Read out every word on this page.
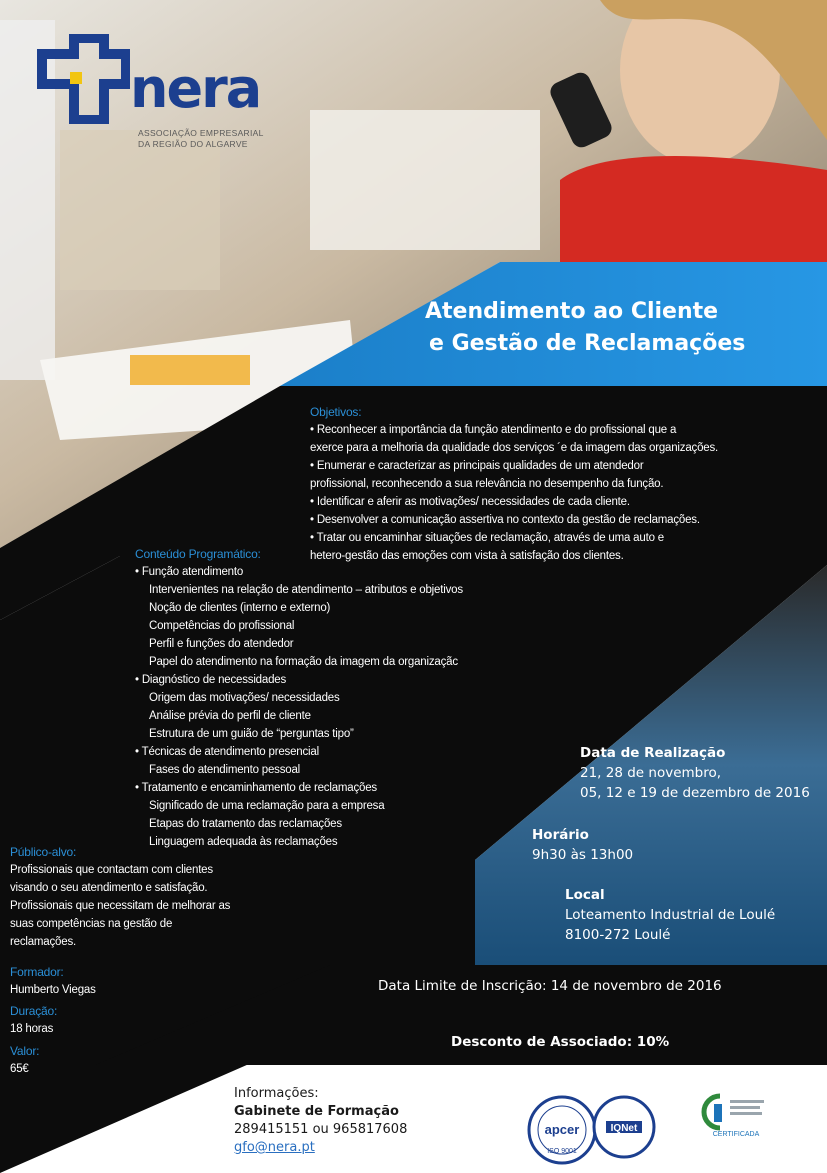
nera
ASSOCIAÇÃO EMPRESARIAL
DA REGIÃO DO ALGARVE
Atendimento ao Cliente
e Gestão de Reclamações
Objetivos:
• Reconhecer a importância da função atendimento e do profissional que a
exerce para a melhoria da qualidade dos serviços ´e da imagem das organizações.
• Enumerar e caracterizar as principais qualidades de um atendedor
profissional, reconhecendo a sua relevância no desempenho da função.
• Identificar e aferir as motivações/ necessidades de cada cliente.
• Desenvolver a comunicação assertiva no contexto da gestão de reclamações.
• Tratar ou encaminhar situações de reclamação, através de uma auto e
hetero-gestão das emoções com vista à satisfação dos clientes.
Conteúdo Programático:
• Função atendimento
Intervenientes na relação de atendimento – atributos e objetivos
Noção de clientes (interno e externo)
Competências do profissional
Perfil e funções do atendedor
Papel do atendimento na formação da imagem da organizaçãc
• Diagnóstico de necessidades
Origem das motivações/ necessidades
Análise prévia do perfil de cliente
Estrutura de um guião de “perguntas tipo”
• Técnicas de atendimento presencial
Fases do atendimento pessoal
• Tratamento e encaminhamento de reclamações
Significado de uma reclamação para a empresa
Etapas do tratamento das reclamações
Linguagem adequada às reclamações
Público-alvo:
Profissionais que contactam com clientes
visando o seu atendimento e satisfação.
Profissionais que necessitam de melhorar as
suas competências na gestão de
reclamações.
Formador:
Humberto Viegas
Duração:
18 horas
Valor:
65€
Data de Realização
21, 28 de novembro,
05, 12 e 19 de dezembro de 2016
Horário
9h30 às 13h00
Local
Loteamento Industrial de Loulé
8100-272 Loulé
Data Limite de Inscrição: 14 de novembro de 2016
Desconto de Associado: 10%
Informações:
Gabinete de Formação
289415151 ou 965817608
gfo@nera.pt
apcer
ISO 9001
IQNet
CERTIFICADA
